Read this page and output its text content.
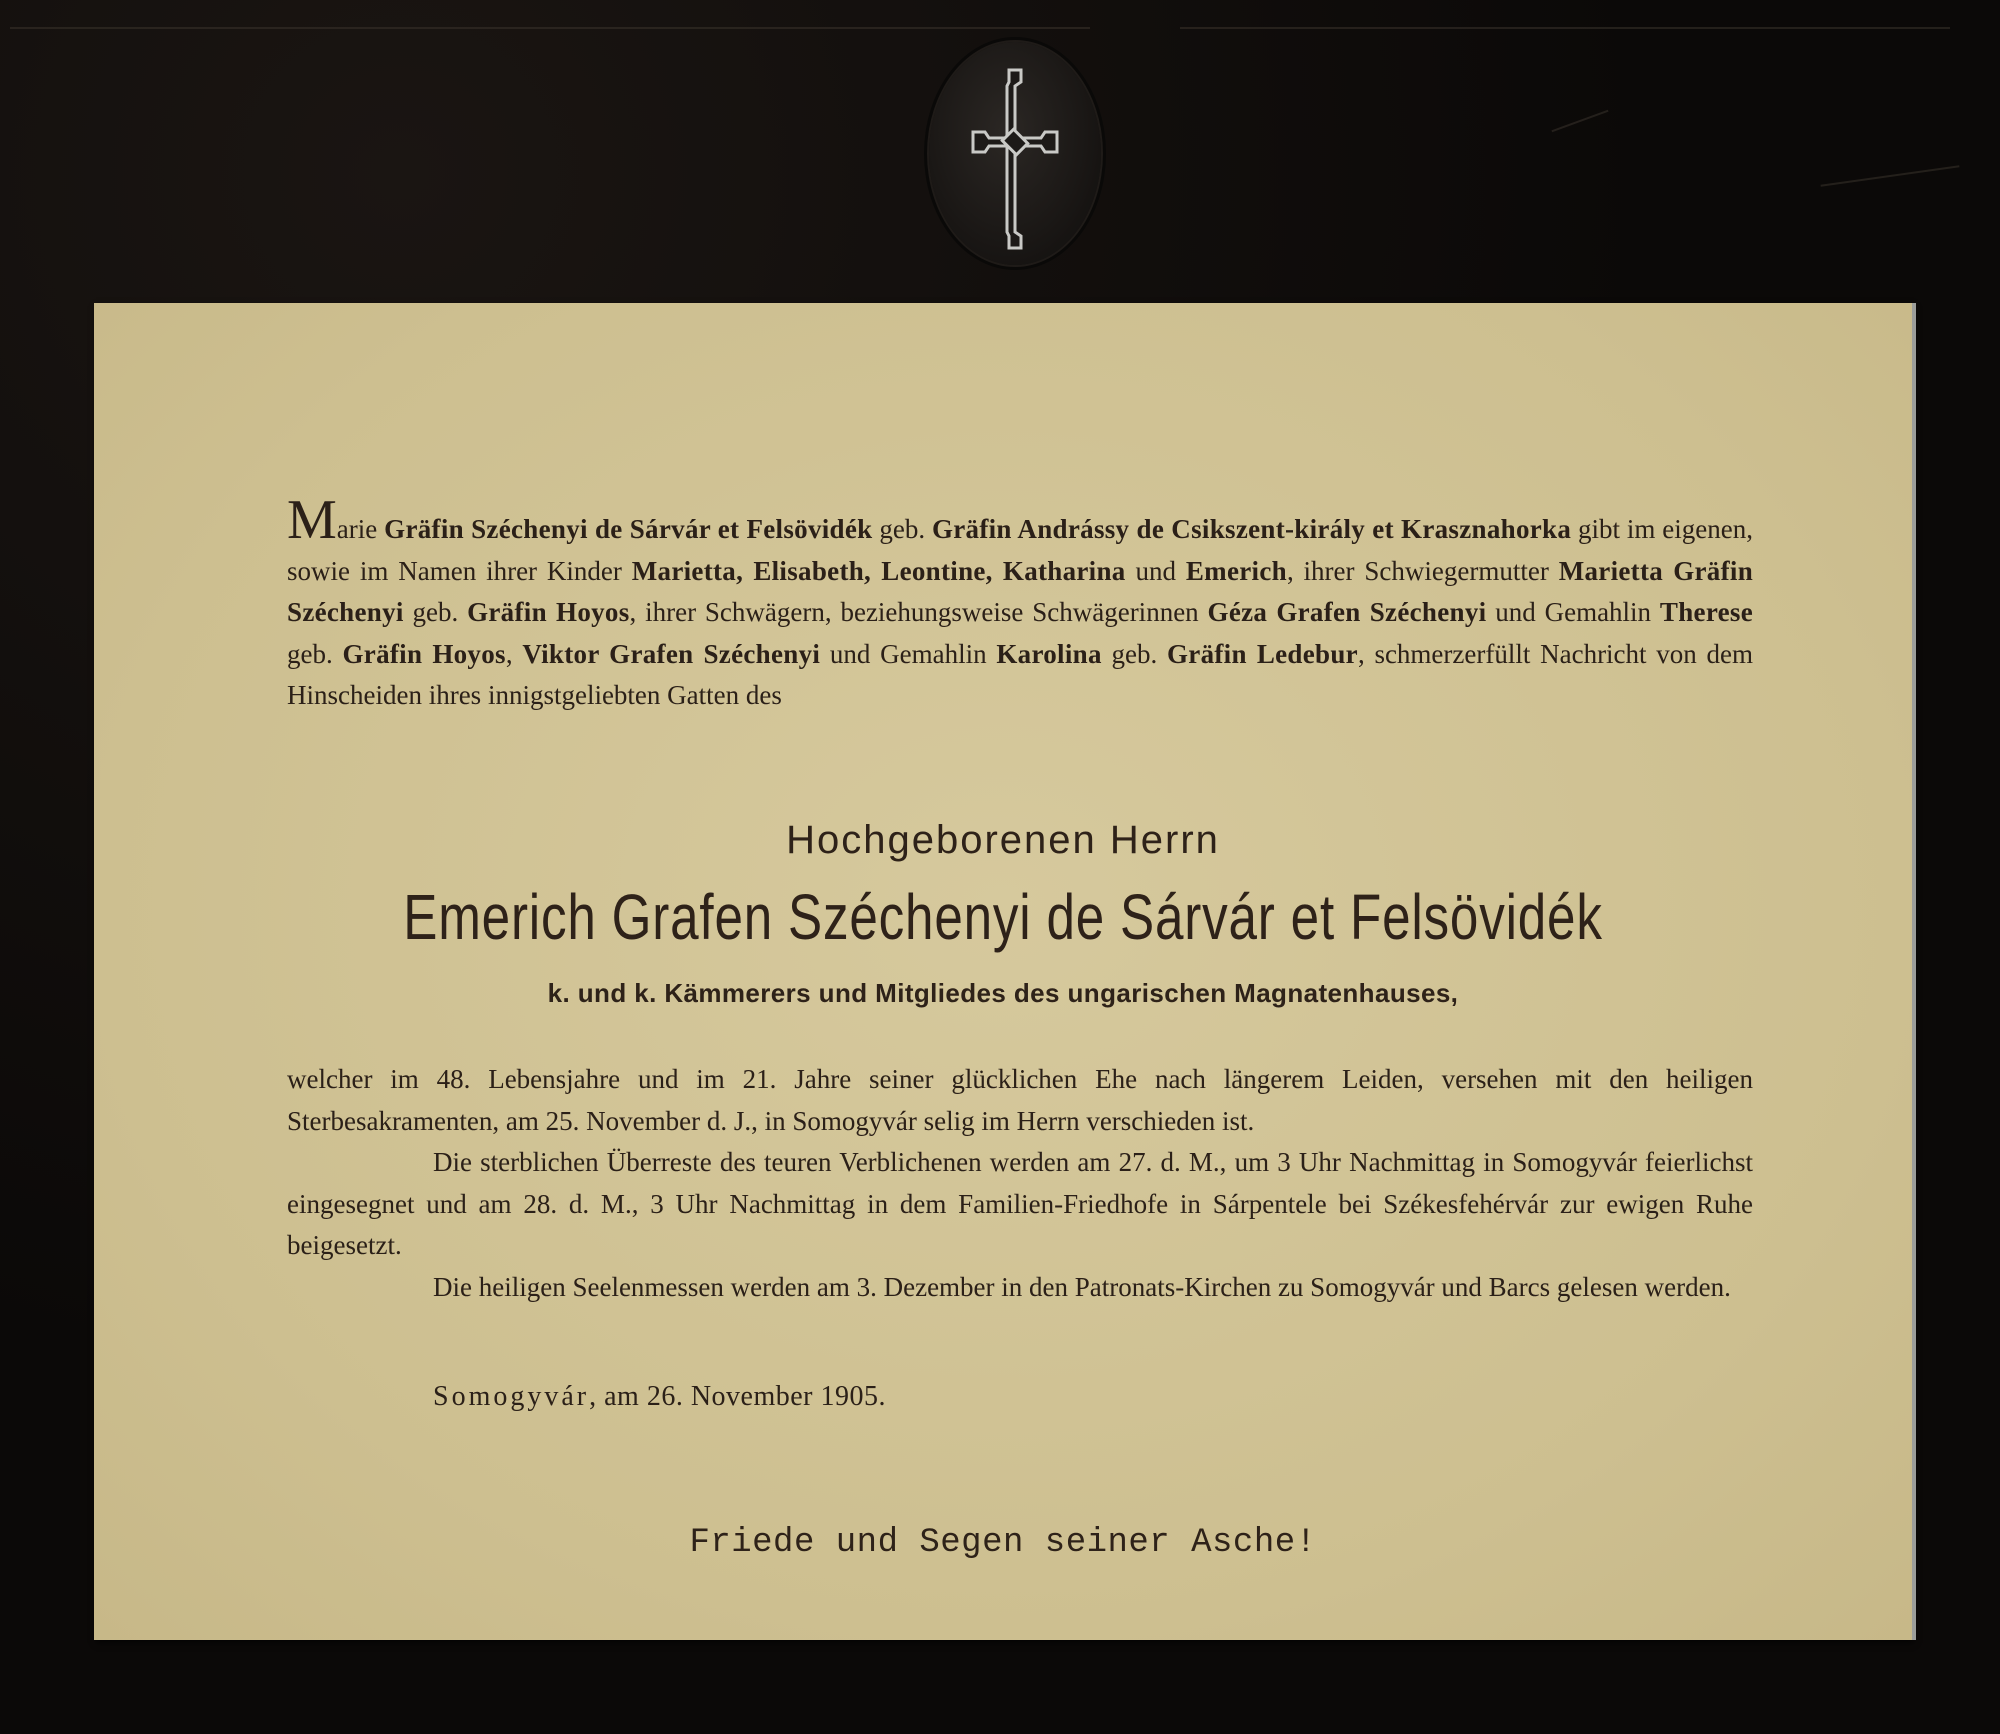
Marie Gräfin Széchenyi de Sárvár et Felsövidék geb. Gräfin Andrássy de Csikszent-király et Krasznahorka gibt im eigenen, sowie im Namen ihrer Kinder Marietta, Elisabeth, Leontine, Katharina und Emerich, ihrer Schwiegermutter Marietta Gräfin Széchenyi geb. Gräfin Hoyos, ihrer Schwägern, beziehungsweise Schwägerinnen Géza Grafen Széchenyi und Gemahlin Therese geb. Gräfin Hoyos, Viktor Grafen Széchenyi und Gemahlin Karolina geb. Gräfin Ledebur, schmerzerfüllt Nachricht von dem Hinscheiden ihres innigstgeliebten Gatten des

Hochgeborenen Herrn
Emerich Grafen Széchenyi de Sárvár et Felsövidék
k. und k. Kämmerers und Mitgliedes des ungarischen Magnatenhauses,

welcher im 48. Lebensjahre und im 21. Jahre seiner glücklichen Ehe nach längerem Leiden, versehen mit den heiligen Sterbesakramenten, am 25. November d. J., in Somogyvár selig im Herrn verschieden ist.

Die sterblichen Überreste des teuren Verblichenen werden am 27. d. M., um 3 Uhr Nachmittag in Somogyvár feierlichst eingesegnet und am 28. d. M., 3 Uhr Nachmittag in dem Familien-Friedhofe in Sárpentele bei Székesfehérvár zur ewigen Ruhe beigesetzt.

Die heiligen Seelenmessen werden am 3. Dezember in den Patronats-Kirchen zu Somogyvár und Barcs gelesen werden.

Somogyvár, am 26. November 1905.
Friede und Segen seiner Asche!
